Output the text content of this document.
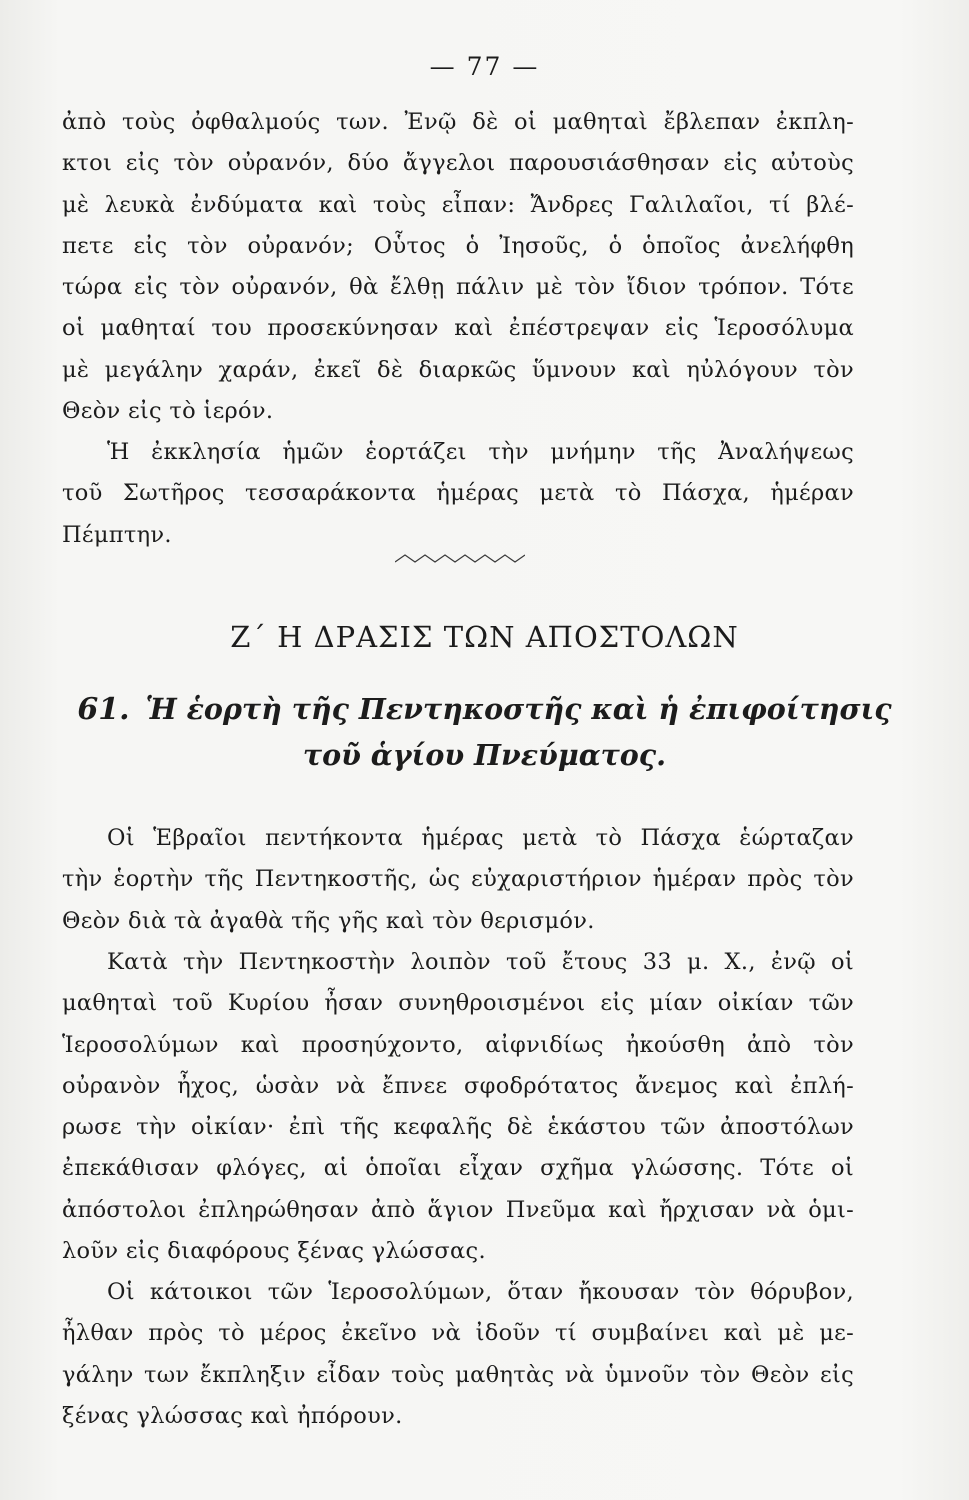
— 77 —
ἀπὸ τοὺς ὀφθαλμούς των. Ἐνῷ δὲ οἱ μαθηταὶ ἔβλεπαν ἐκπλη-
κτοι εἰς τὸν οὐρανόν, δύο ἄγγελοι παρουσιάσθησαν εἰς αὐτοὺς
μὲ λευκὰ ἐνδύματα καὶ τοὺς εἶπαν: Ἄνδρες Γαλιλαῖοι, τί βλέ-
πετε εἰς τὸν οὐρανόν; Οὗτος ὁ Ἰησοῦς, ὁ ὁποῖος ἀνελήφθη
τώρα εἰς τὸν οὐρανόν, θὰ ἔλθῃ πάλιν μὲ τὸν ἴδιον τρόπον. Τότε
οἱ μαθηταί του προσεκύνησαν καὶ ἐπέστρεψαν εἰς Ἱεροσόλυμα
μὲ μεγάλην χαράν, ἐκεῖ δὲ διαρκῶς ὕμνουν καὶ ηὐλόγουν τὸν
Θεὸν εἰς τὸ ἱερόν.
Ἡ ἐκκλησία ἡμῶν ἑορτάζει τὴν μνήμην τῆς Ἀναλήψεως
τοῦ Σωτῆρος τεσσαράκοντα ἡμέρας μετὰ τὸ Πάσχα, ἡμέραν
Πέμπτην.
Ζ΄ Η ΔΡΑΣΙΣ ΤΩΝ ΑΠΟΣΤΟΛΩΝ
61. Ἡ ἑορτὴ τῆς Πεντηκοστῆς καὶ ἡ ἐπιφοίτησις
τοῦ ἁγίου Πνεύματος.
Οἱ Ἑβραῖοι πεντήκοντα ἡμέρας μετὰ τὸ Πάσχα ἑώρταζαν
τὴν ἑορτὴν τῆς Πεντηκοστῆς, ὡς εὐχαριστήριον ἡμέραν πρὸς τὸν
Θεὸν διὰ τὰ ἀγαθὰ τῆς γῆς καὶ τὸν θερισμόν.
Κατὰ τὴν Πεντηκοστὴν λοιπὸν τοῦ ἔτους 33 μ. Χ., ἐνῷ οἱ
μαθηταὶ τοῦ Κυρίου ἦσαν συνηθροισμένοι εἰς μίαν οἰκίαν τῶν
Ἱεροσολύμων καὶ προσηύχοντο, αἰφνιδίως ἠκούσθη ἀπὸ τὸν
οὐρανὸν ἦχος, ὡσὰν νὰ ἔπνεε σφοδρότατος ἄνεμος καὶ ἐπλή-
ρωσε τὴν οἰκίαν· ἐπὶ τῆς κεφαλῆς δὲ ἑκάστου τῶν ἀποστόλων
ἐπεκάθισαν φλόγες, αἱ ὁποῖαι εἶχαν σχῆμα γλώσσης. Τότε οἱ
ἀπόστολοι ἐπληρώθησαν ἀπὸ ἅγιον Πνεῦμα καὶ ἤρχισαν νὰ ὁμι-
λοῦν εἰς διαφόρους ξένας γλώσσας.
Οἱ κάτοικοι τῶν Ἱεροσολύμων, ὅταν ἤκουσαν τὸν θόρυβον,
ἦλθαν πρὸς τὸ μέρος ἐκεῖνο νὰ ἰδοῦν τί συμβαίνει καὶ μὲ με-
γάλην των ἔκπληξιν εἶδαν τοὺς μαθητὰς νὰ ὑμνοῦν τὸν Θεὸν εἰς
ξένας γλώσσας καὶ ἠπόρουν.
